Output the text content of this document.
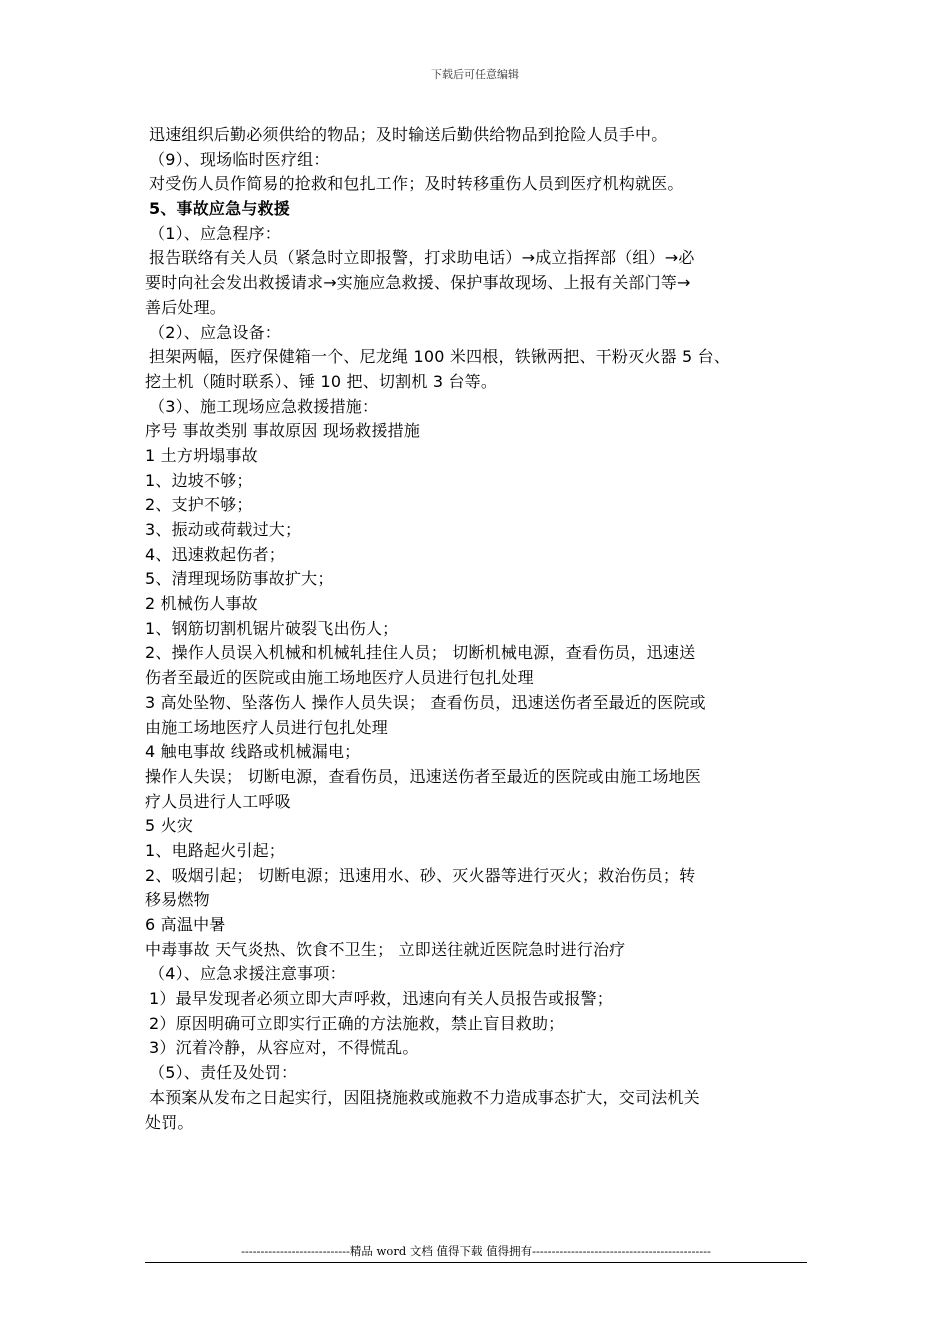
下载后可任意编辑
迅速组织后勤必须供给的物品；及时输送后勤供给物品到抢险人员手中。
（9）、现场临时医疗组：
对受伤人员作简易的抢救和包扎工作；及时转移重伤人员到医疗机构就医。
5、事故应急与救援
（1）、应急程序：
报告联络有关人员（紧急时立即报警，打求助电话）→成立指挥部（组）→必
要时向社会发出救援请求→实施应急救援、保护事故现场、上报有关部门等→
善后处理。
（2）、应急设备：
担架两幅，医疗保健箱一个、尼龙绳 100 米四根，铁锹两把、干粉灭火器 5 台、
挖土机（随时联系）、锤 10 把、切割机 3 台等。
（3）、施工现场应急救援措施：
序号 事故类别 事故原因 现场救援措施
1 土方坍塌事故
1、边坡不够；
2、支护不够；
3、振动或荷载过大；
4、迅速救起伤者；
5、清理现场防事故扩大；
2 机械伤人事故
1、钢筋切割机锯片破裂飞出伤人；
2、操作人员误入机械和机械轧挂住人员； 切断机械电源，查看伤员，迅速送
伤者至最近的医院或由施工场地医疗人员进行包扎处理
3 高处坠物、坠落伤人 操作人员失误； 查看伤员，迅速送伤者至最近的医院或
由施工场地医疗人员进行包扎处理
4 触电事故 线路或机械漏电；
操作人失误； 切断电源，查看伤员，迅速送伤者至最近的医院或由施工场地医
疗人员进行人工呼吸
5 火灾
1、电路起火引起；
2、吸烟引起； 切断电源；迅速用水、砂、灭火器等进行灭火；救治伤员；转
移易燃物
6 高温中暑
中毒事故 天气炎热、饮食不卫生； 立即送往就近医院急时进行治疗
（4）、应急求援注意事项：
1）最早发现者必须立即大声呼救，迅速向有关人员报告或报警；
2）原因明确可立即实行正确的方法施救，禁止盲目救助；
3）沉着冷静，从容应对，不得慌乱。
（5）、责任及处罚：
本预案从发布之日起实行，因阻挠施救或施救不力造成事态扩大，交司法机关
处罚。
----------------------------精品 word 文档 值得下载 值得拥有----------------------------------------------
